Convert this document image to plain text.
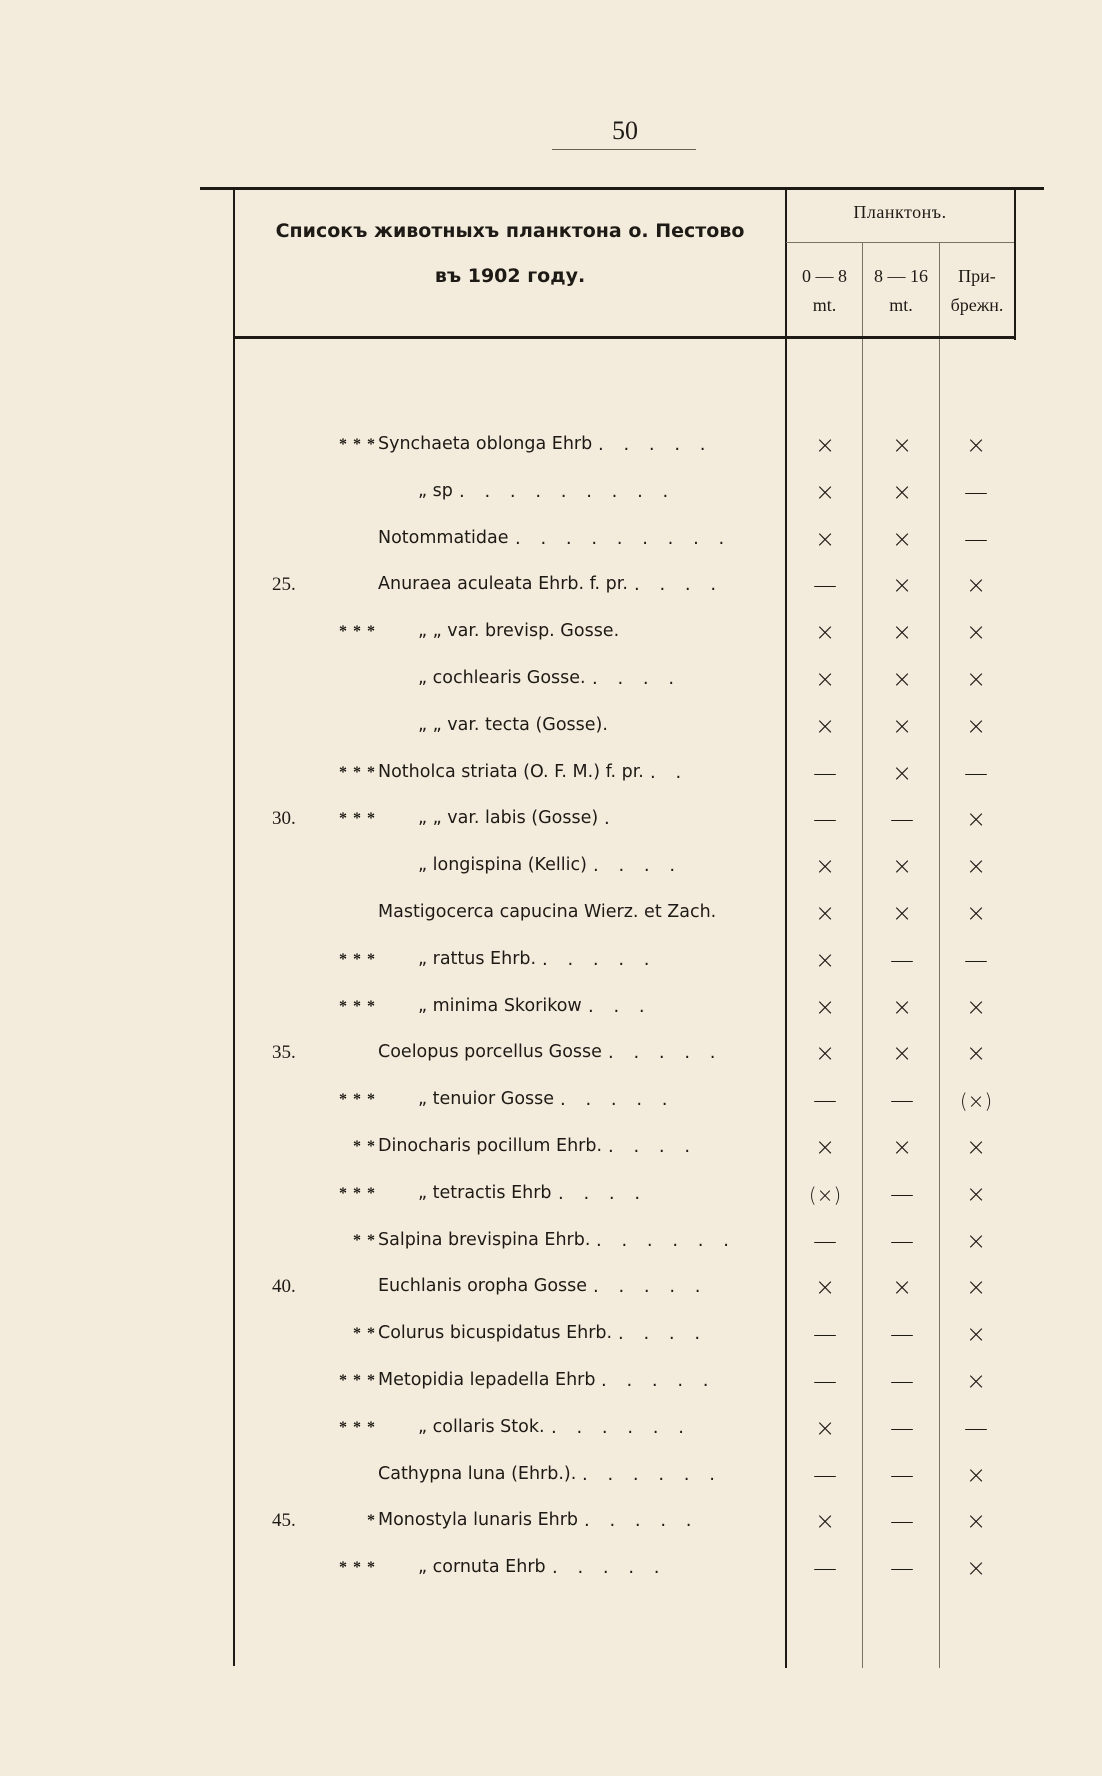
50
Списокъ животныхъ планктона о. Пестово
въ 1902 году.
Планктонъ.
0 — 8
mt.
8 — 16
mt.
При-
брежн.
* * * Synchaeta oblonga Ehrb . . . . .	×	×	×
„ sp . . . . . . . . .	×	×	—
Notommatidae . . . . . . . . .	×	×	—
25.	Anuraea aculeata Ehrb. f. pr. . . . .	—	×	×
* * * „ „ var. brevisp. Gosse.	×	×	×
„ cochlearis Gosse. . . . .	×	×	×
„ „ var. tecta (Gosse).	×	×	×
* * * Notholca striata (O. F. M.) f. pr. . .	—	×	—
30.	* * * „ „ var. labis (Gosse) .	—	—	×
„ longispina (Kellic) . . . .	×	×	×
Mastigocerca capucina Wierz. et Zach.	×	×	×
* * * „ rattus Ehrb. . . . . .	×	—	—
* * * „ minima Skorikow . . .	×	×	×
35.	Coelopus porcellus Gosse . . . . .	×	×	×
* * * „ tenuior Gosse . . . . .	—	—	(×)
* * Dinocharis pocillum Ehrb. . . . .	×	×	×
* * * „ tetractis Ehrb . . . .	(×)	—	×
* * Salpina brevispina Ehrb. . . . . . .	—	—	×
40.	Euchlanis oropha Gosse . . . . .	×	×	×
* * Colurus bicuspidatus Ehrb. . . . .	—	—	×
* * * Metopidia lepadella Ehrb . . . . .	—	—	×
* * * „ collaris Stok. . . . . . .	×	—	—
Cathypna luna (Ehrb.). . . . . . .	—	—	×
45.	* Monostyla lunaris Ehrb . . . . .	×	—	×
* * * „ cornuta Ehrb . . . . .	—	—	×
